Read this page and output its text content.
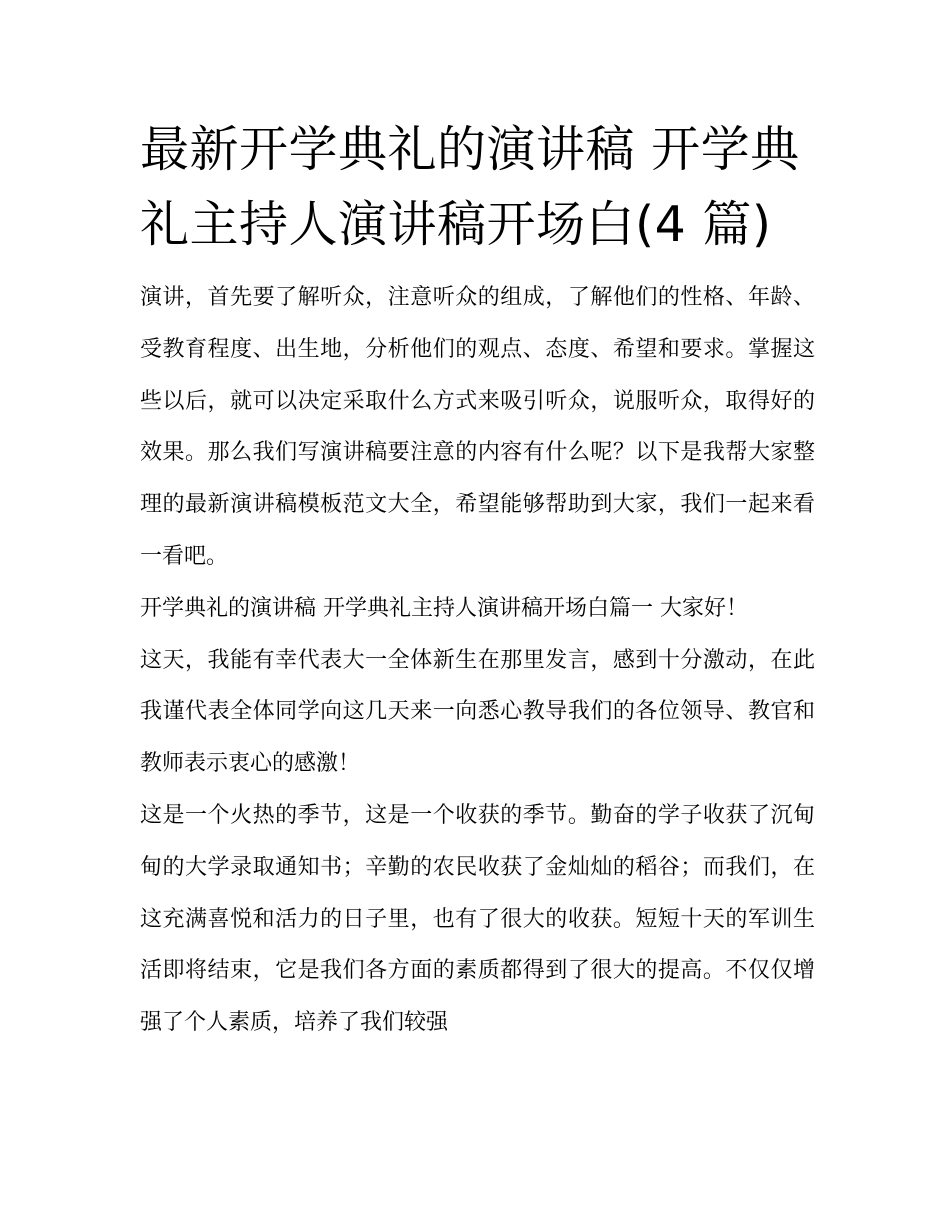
最新开学典礼的演讲稿 开学典
礼主持人演讲稿开场白(4 篇)

演讲，首先要了解听众，注意听众的组成，了解他们的性格、年龄、受教育程度、出生地，分析他们的观点、态度、希望和要求。掌握这些以后，就可以决定采取什么方式来吸引听众，说服听众，取得好的效果。那么我们写演讲稿要注意的内容有什么呢？以下是我帮大家整理的最新演讲稿模板范文大全，希望能够帮助到大家，我们一起来看一看吧。

开学典礼的演讲稿 开学典礼主持人演讲稿开场白篇一 大家好！

这天，我能有幸代表大一全体新生在那里发言，感到十分激动，在此我谨代表全体同学向这几天来一向悉心教导我们的各位领导、教官和教师表示衷心的感激！

这是一个火热的季节，这是一个收获的季节。勤奋的学子收获了沉甸甸的大学录取通知书；辛勤的农民收获了金灿灿的稻谷；而我们，在这充满喜悦和活力的日子里，也有了很大的收获。短短十天的军训生活即将结束，它是我们各方面的素质都得到了很大的提高。不仅仅增强了个人素质，培养了我们较强
